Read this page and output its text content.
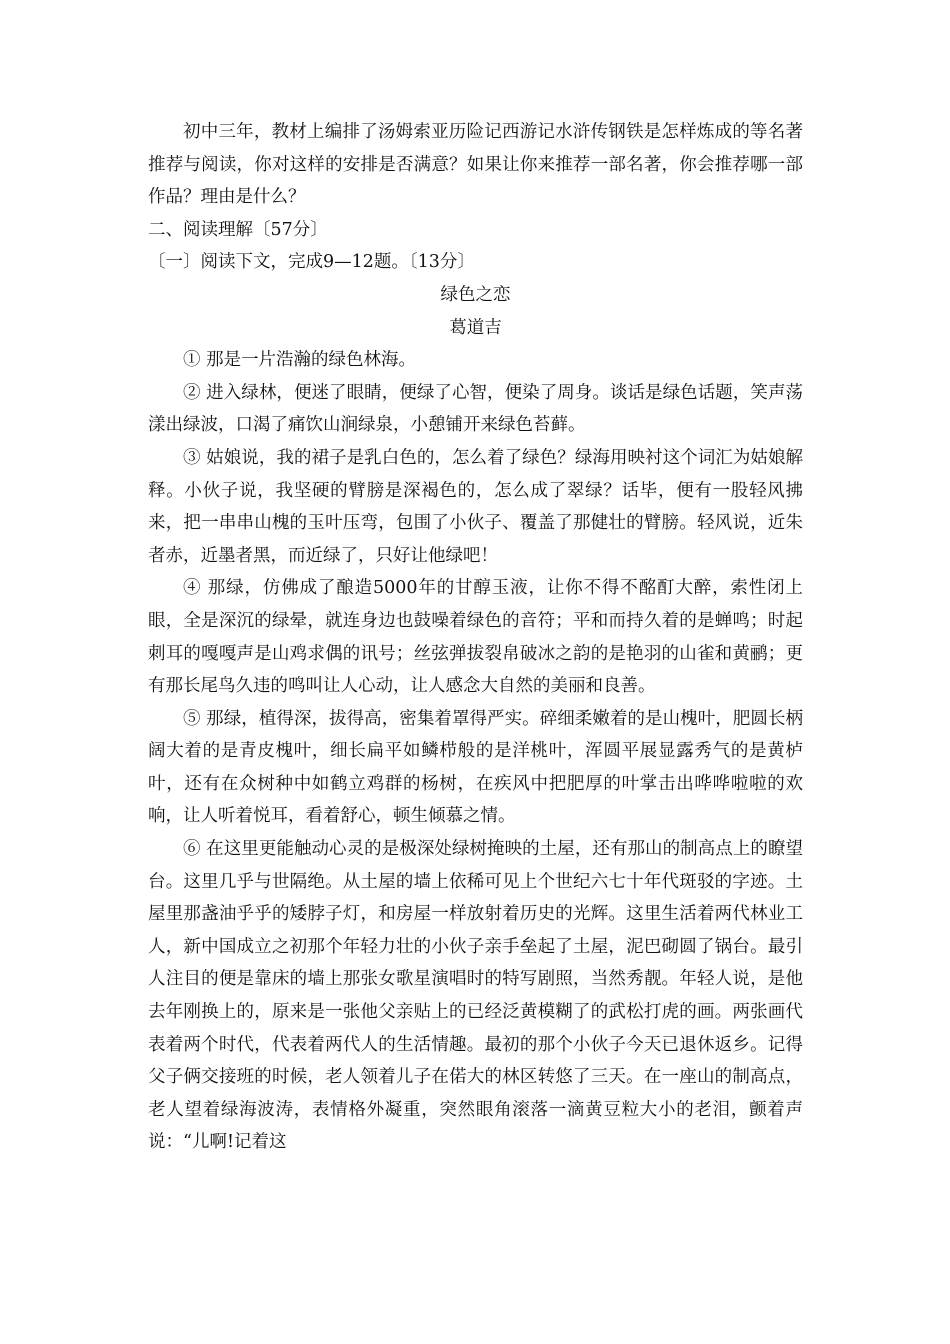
初中三年，教材上编排了汤姆索亚历险记西游记水浒传钢铁是怎样炼成的等名著推荐与阅读，你对这样的安排是否满意？如果让你来推荐一部名著，你会推荐哪一部作品？理由是什么？

二、阅读理解〔57分〕

〔一〕阅读下文，完成9—12题。〔13分〕

绿色之恋

葛道吉

① 那是一片浩瀚的绿色林海。

② 进入绿林，便迷了眼睛，便绿了心智，便染了周身。谈话是绿色话题，笑声荡漾出绿波，口渴了痛饮山涧绿泉，小憩铺开来绿色苔藓。

③ 姑娘说，我的裙子是乳白色的，怎么着了绿色？绿海用映衬这个词汇为姑娘解释。小伙子说，我坚硬的臂膀是深褐色的，怎么成了翠绿？话毕，便有一股轻风拂来，把一串串山槐的玉叶压弯，包围了小伙子、覆盖了那健壮的臂膀。轻风说，近朱者赤，近墨者黑，而近绿了，只好让他绿吧！

④ 那绿，仿佛成了酿造5000年的甘醇玉液，让你不得不酩酊大醉，索性闭上眼，全是深沉的绿晕，就连身边也鼓噪着绿色的音符；平和而持久着的是蝉鸣；时起刺耳的嘎嘎声是山鸡求偶的讯号；丝弦弹拔裂帛破冰之韵的是艳羽的山雀和黄鹂；更有那长尾鸟久违的鸣叫让人心动，让人感念大自然的美丽和良善。

⑤ 那绿，植得深，拔得高，密集着罩得严实。碎细柔嫩着的是山槐叶，肥圆长柄阔大着的是青皮槐叶，细长扁平如鳞栉般的是洋桃叶，浑圆平展显露秀气的是黄栌叶，还有在众树种中如鹤立鸡群的杨树，在疾风中把肥厚的叶掌击出哗哗啦啦的欢响，让人听着悦耳，看着舒心，顿生倾慕之情。

⑥ 在这里更能触动心灵的是极深处绿树掩映的土屋，还有那山的制高点上的瞭望台。这里几乎与世隔绝。从土屋的墙上依稀可见上个世纪六七十年代斑驳的字迹。土屋里那盏油乎乎的矮脖子灯，和房屋一样放射着历史的光辉。这里生活着两代林业工人，新中国成立之初那个年轻力壮的小伙子亲手垒起了土屋，泥巴砌圆了锅台。最引人注目的便是靠床的墙上那张女歌星演唱时的特写剧照，当然秀靓。年轻人说，是他去年刚换上的，原来是一张他父亲贴上的已经泛黄模糊了的武松打虎的画。两张画代表着两个时代，代表着两代人的生活情趣。最初的那个小伙子今天已退休返乡。记得父子俩交接班的时候，老人领着儿子在偌大的林区转悠了三天。在一座山的制高点，老人望着绿海波涛，表情格外凝重，突然眼角滚落一滴黄豆粒大小的老泪，颤着声说：“儿啊!记着这
